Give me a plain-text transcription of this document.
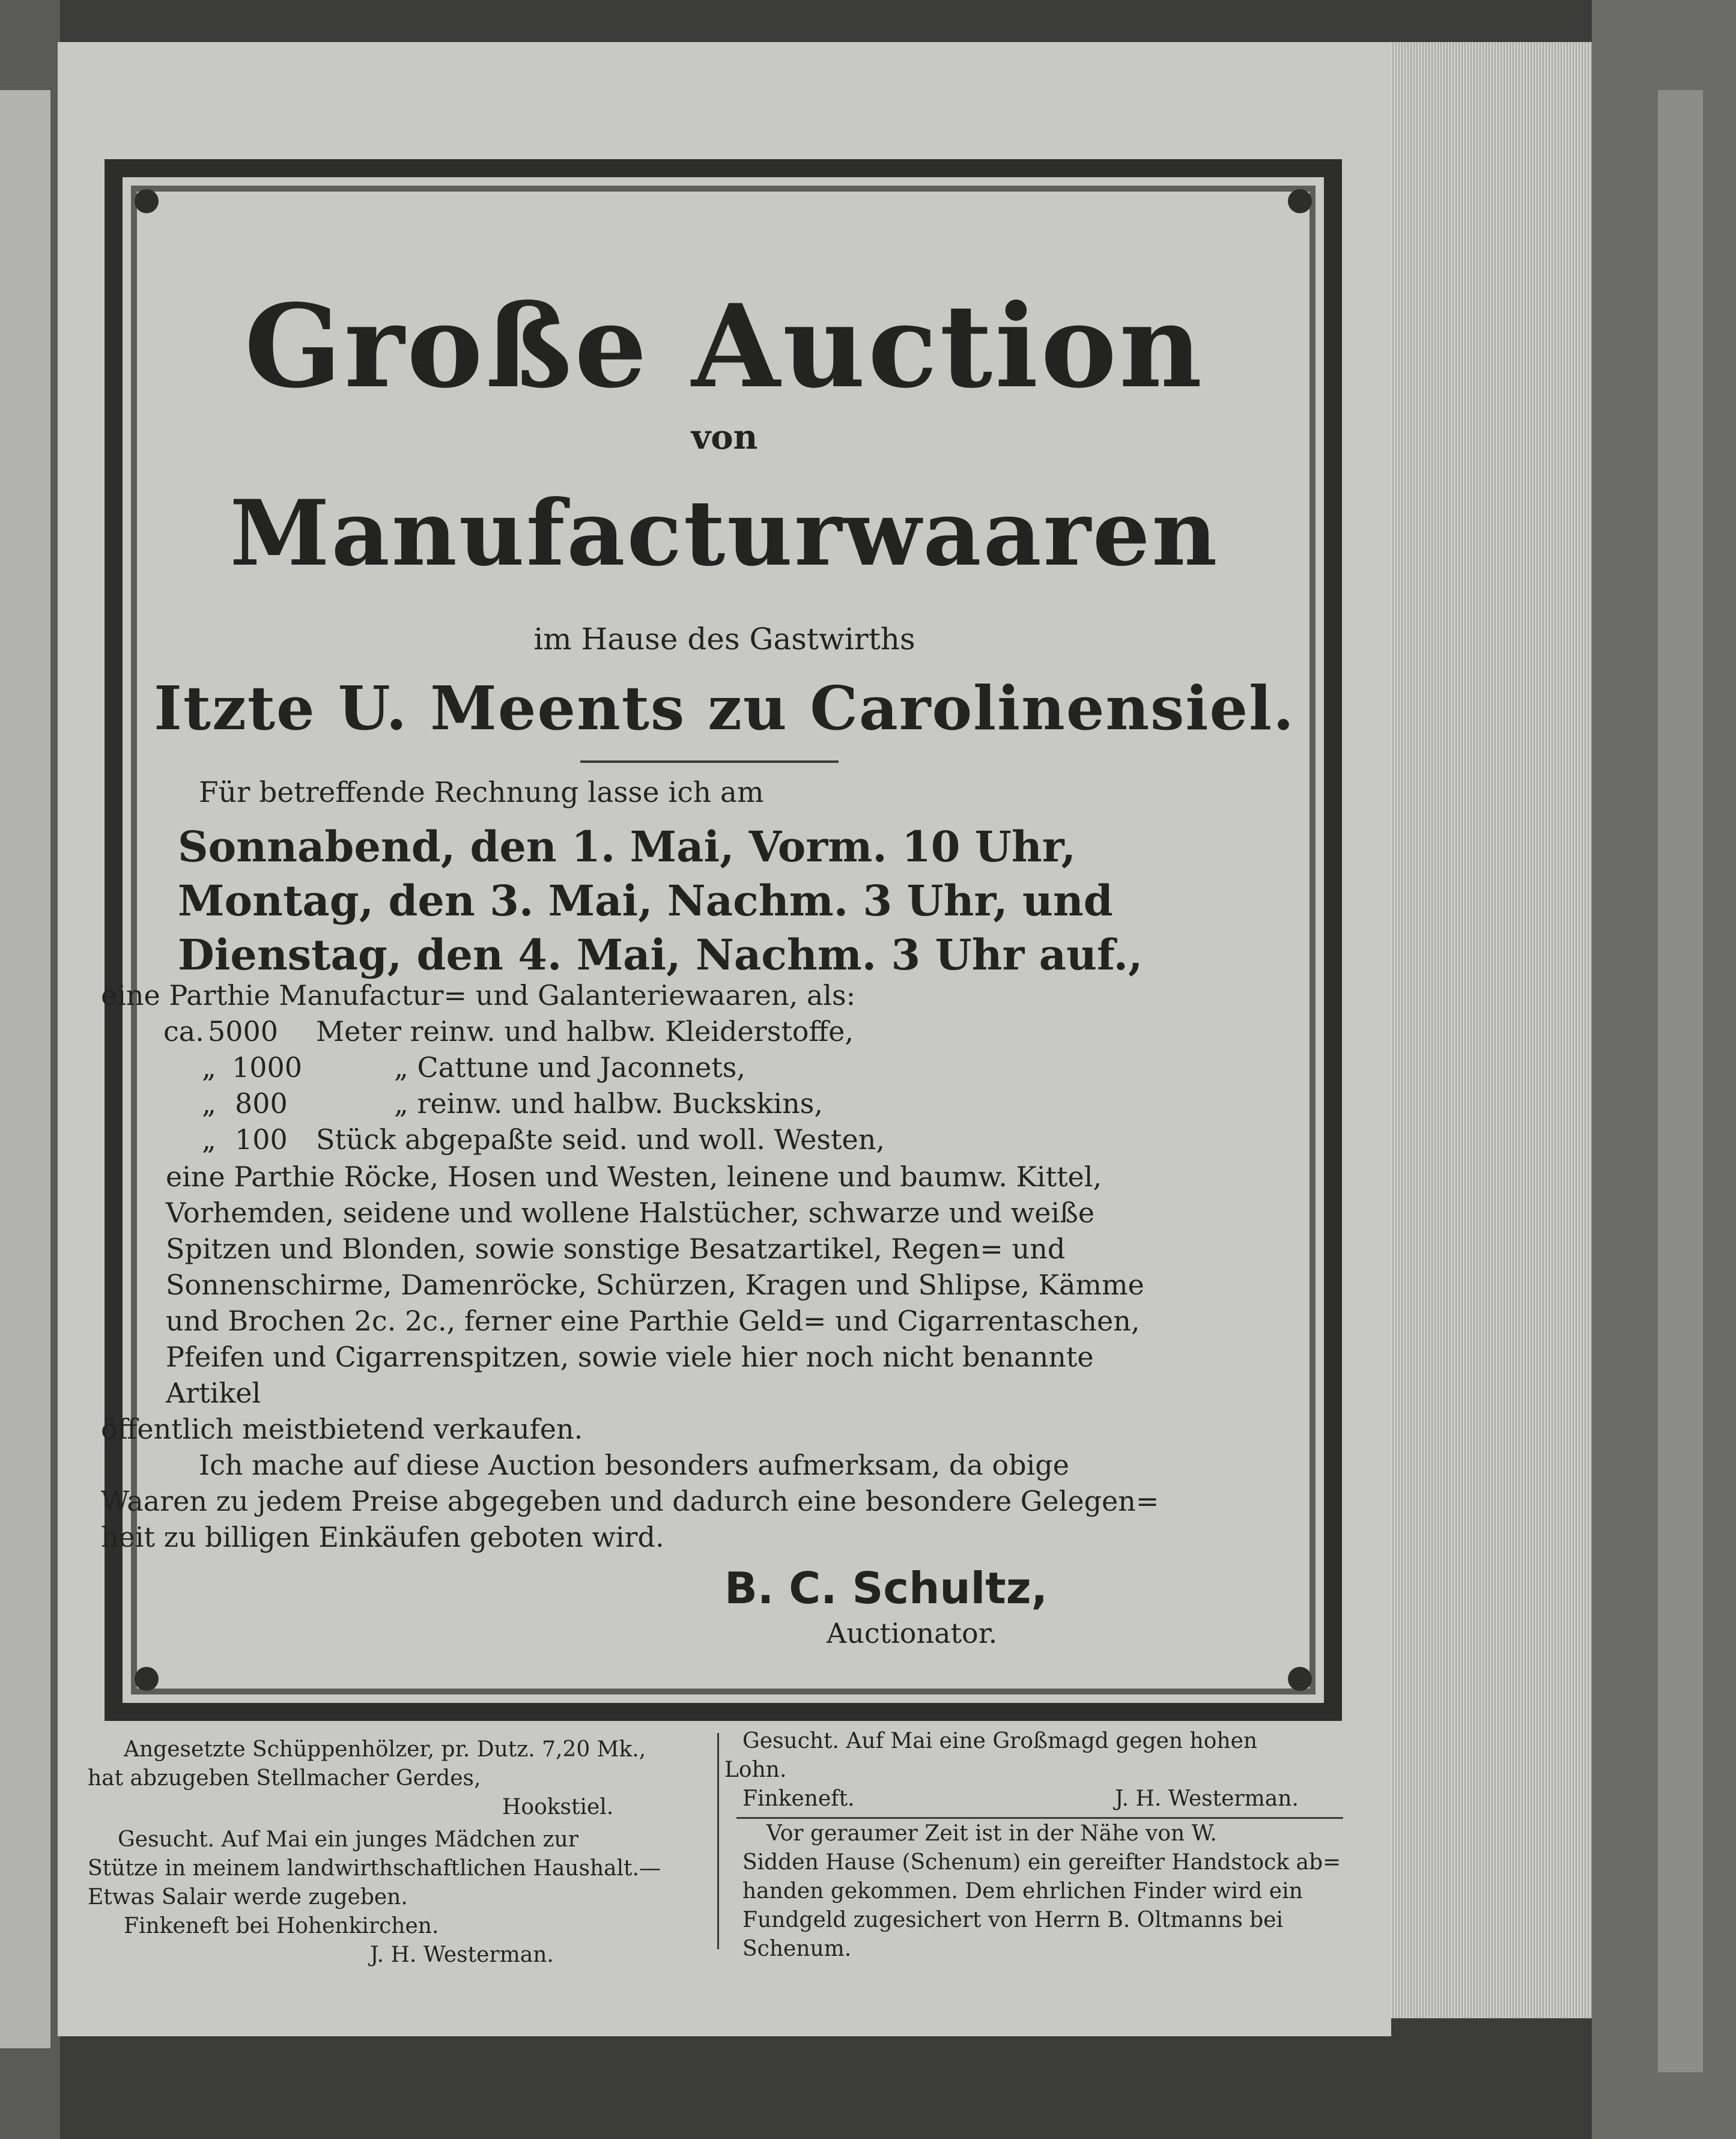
Große Auction
von
Manufacturwaaren
im Hause des Gastwirths
Itzte U. Meents zu Carolinensiel.
Für betreffende Rechnung lasse ich am
Sonnabend, den 1. Mai, Vorm. 10 Uhr,
Montag, den 3. Mai, Nachm. 3 Uhr, und
Dienstag, den 4. Mai, Nachm. 3 Uhr auf.,
eine Parthie Manufactur= und Galanteriewaaren, als:
ca. 5000 Meter reinw. und halbw. Kleiderstoffe,
„ 1000	„ Cattune und Jaconnets,
„ 800	„ reinw. und halbw. Buckskins,
„ 100 Stück abgepaßte seid. und woll. Westen,
eine Parthie Röcke, Hosen und Westen, leinene und baumw. Kittel,
Vorhemden, seidene und wollene Halstücher, schwarze und weiße
Spitzen und Blonden, sowie sonstige Besatzartikel, Regen= und
Sonnenschirme, Damenröcke, Schürzen, Kragen und Shlipse, Kämme
und Brochen 2c. 2c., ferner eine Parthie Geld= und Cigarrentaschen,
Pfeifen und Cigarrenspitzen, sowie viele hier noch nicht benannte
Artikel
öffentlich meistbietend verkaufen.
Ich mache auf diese Auction besonders aufmerksam, da obige
Waaren zu jedem Preise abgegeben und dadurch eine besondere Gelegen=
heit zu billigen Einkäufen geboten wird.
B. C. Schultz,
Auctionator.
Angesetzte Schüppenhölzer, pr. Dutz. 7,20 Mk.,
hat abzugeben Stellmacher Gerdes,
Hookstiel.
Gesucht. Auf Mai ein junges Mädchen zur
Stütze in meinem landwirthschaftlichen Haushalt.—
Etwas Salair werde zugeben.
Finkeneft bei Hohenkirchen.
J. H. Westerman.
Gesucht. Auf Mai eine Großmagd gegen hohen
Lohn.
Finkeneft.	J. H. Westerman.
Vor geraumer Zeit ist in der Nähe von W.
Sidden Hause (Schenum) ein gereifter Handstock ab=
handen gekommen. Dem ehrlichen Finder wird ein
Fundgeld zugesichert von Herrn B. Oltmanns bei
Schenum.
